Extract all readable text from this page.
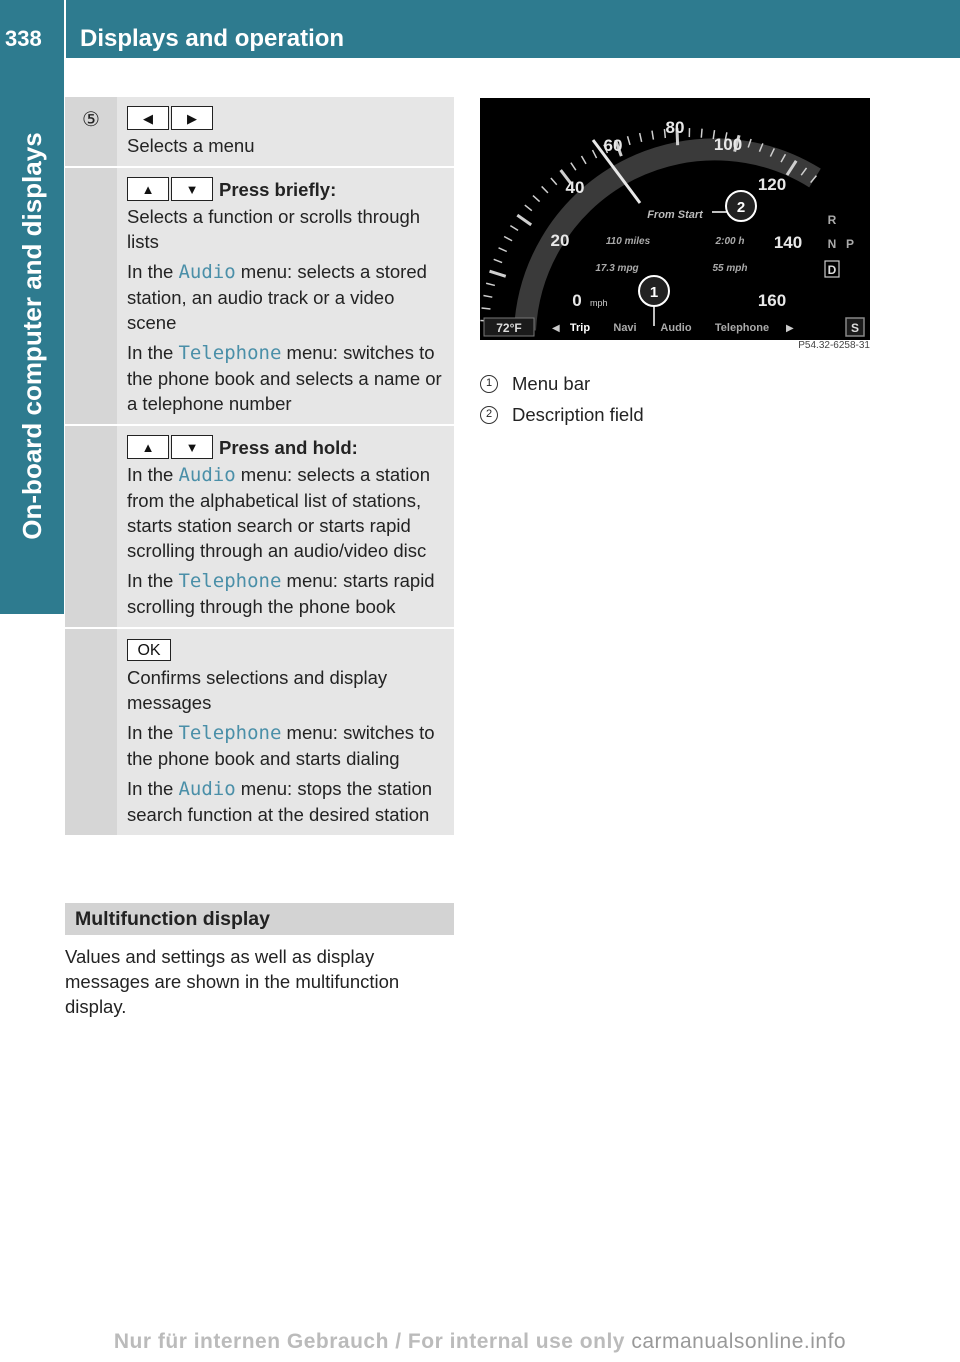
338	Displays and operation
On-board computer and displays
⑤	◀	▶

Selects a menu

▲	▼	Press briefly:

Selects a function or scrolls through lists

In the Audio menu: selects a stored station, an audio track or a video scene

In the Telephone menu: switches to the phone book and selects a name or a telephone number

▲	▼	Press and hold:

In the Audio menu: selects a station from the alphabetical list of stations, starts station search or starts rapid scrolling through an audio/video disc

In the Telephone menu: starts rapid scrolling through the phone book

OK

Confirms selections and display messages

In the Telephone menu: switches to the phone book and starts dialing

In the Audio menu: stops the station search function at the desired station

Multifunction display
Values and settings as well as display messages are shown in the multifunction display.
0
20
40
60
80
100
120
140
160
mph
From Start
110 miles	2:00 h
17.3 mpg	55 mph
2
1
72°F	◀ Trip Navi Audio Telephone ▶	S
R
N P
D
P54.32-6258-31
1	Menu bar
2	Description field
Nur für internen Gebrauch / For internal use only carmanualsonline.info
